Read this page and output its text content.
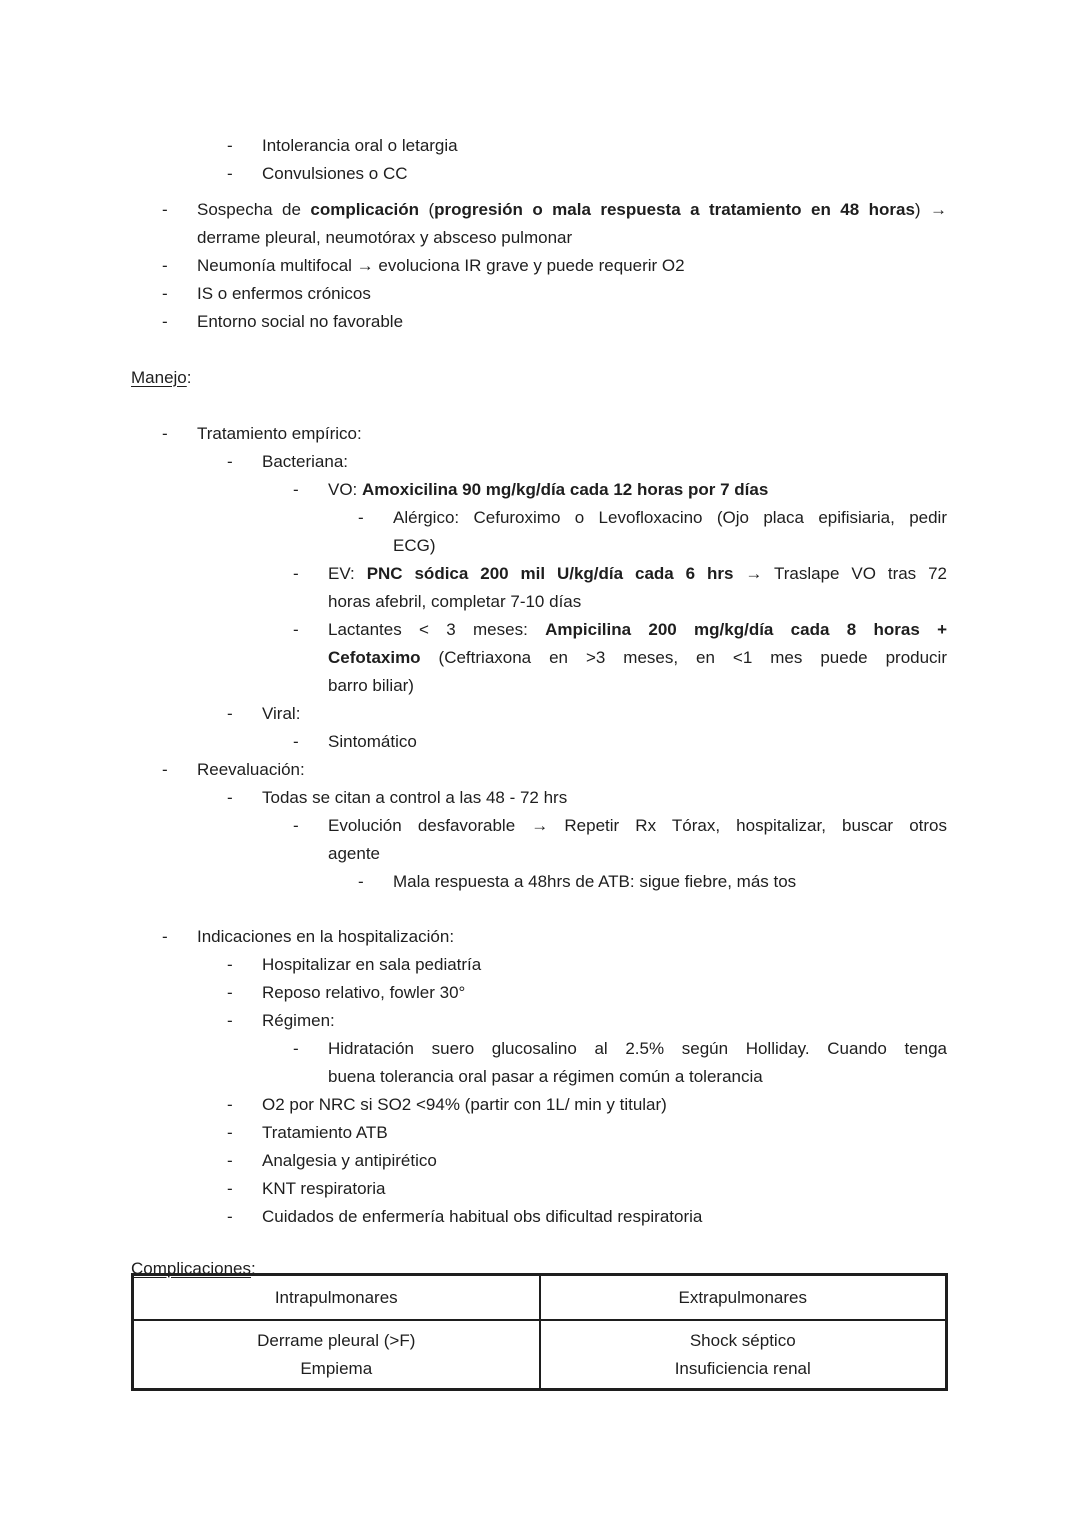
-	Intolerancia oral o letargia
-	Convulsiones o CC
-	Sospecha de complicación (progresión o mala respuesta a tratamiento en 48 horas) →
derrame pleural, neumotórax y absceso pulmonar
-	Neumonía multifocal → evoluciona IR grave y puede requerir O2
-	IS o enfermos crónicos
-	Entorno social no favorable
Manejo:
-	Tratamiento empírico:
-	Bacteriana:
-	VO: Amoxicilina 90 mg/kg/día cada 12 horas por 7 días
-	Alérgico: Cefuroximo o Levofloxacino (Ojo placa epifisiaria, pedir
ECG)
-	EV: PNC sódica 200 mil U/kg/día cada 6 hrs → Traslape VO tras 72
horas afebril, completar 7-10 días
-	Lactantes < 3 meses: Ampicilina 200 mg/kg/día cada 8 horas +
Cefotaximo (Ceftriaxona en >3 meses, en <1 mes puede producir
barro biliar)
-	Viral:
-	Sintomático
-	Reevaluación:
-	Todas se citan a control a las 48 - 72 hrs
-	Evolución desfavorable → Repetir Rx Tórax, hospitalizar, buscar otros
agente
-	Mala respuesta a 48hrs de ATB: sigue fiebre, más tos
-	Indicaciones en la hospitalización:
-	Hospitalizar en sala pediatría
-	Reposo relativo, fowler 30°
-	Régimen:
-	Hidratación suero glucosalino al 2.5% según Holliday. Cuando tenga
buena tolerancia oral pasar a régimen común a tolerancia
-	O2 por NRC si SO2 <94% (partir con 1L/ min y titular)
-	Tratamiento ATB
-	Analgesia y antipirético
-	KNT respiratoria
-	Cuidados de enfermería habitual obs dificultad respiratoria
Complicaciones:
Intrapulmonares	Extrapulmonares

Derrame pleural (>F)
Empiema

Shock séptico
Insuficiencia renal
